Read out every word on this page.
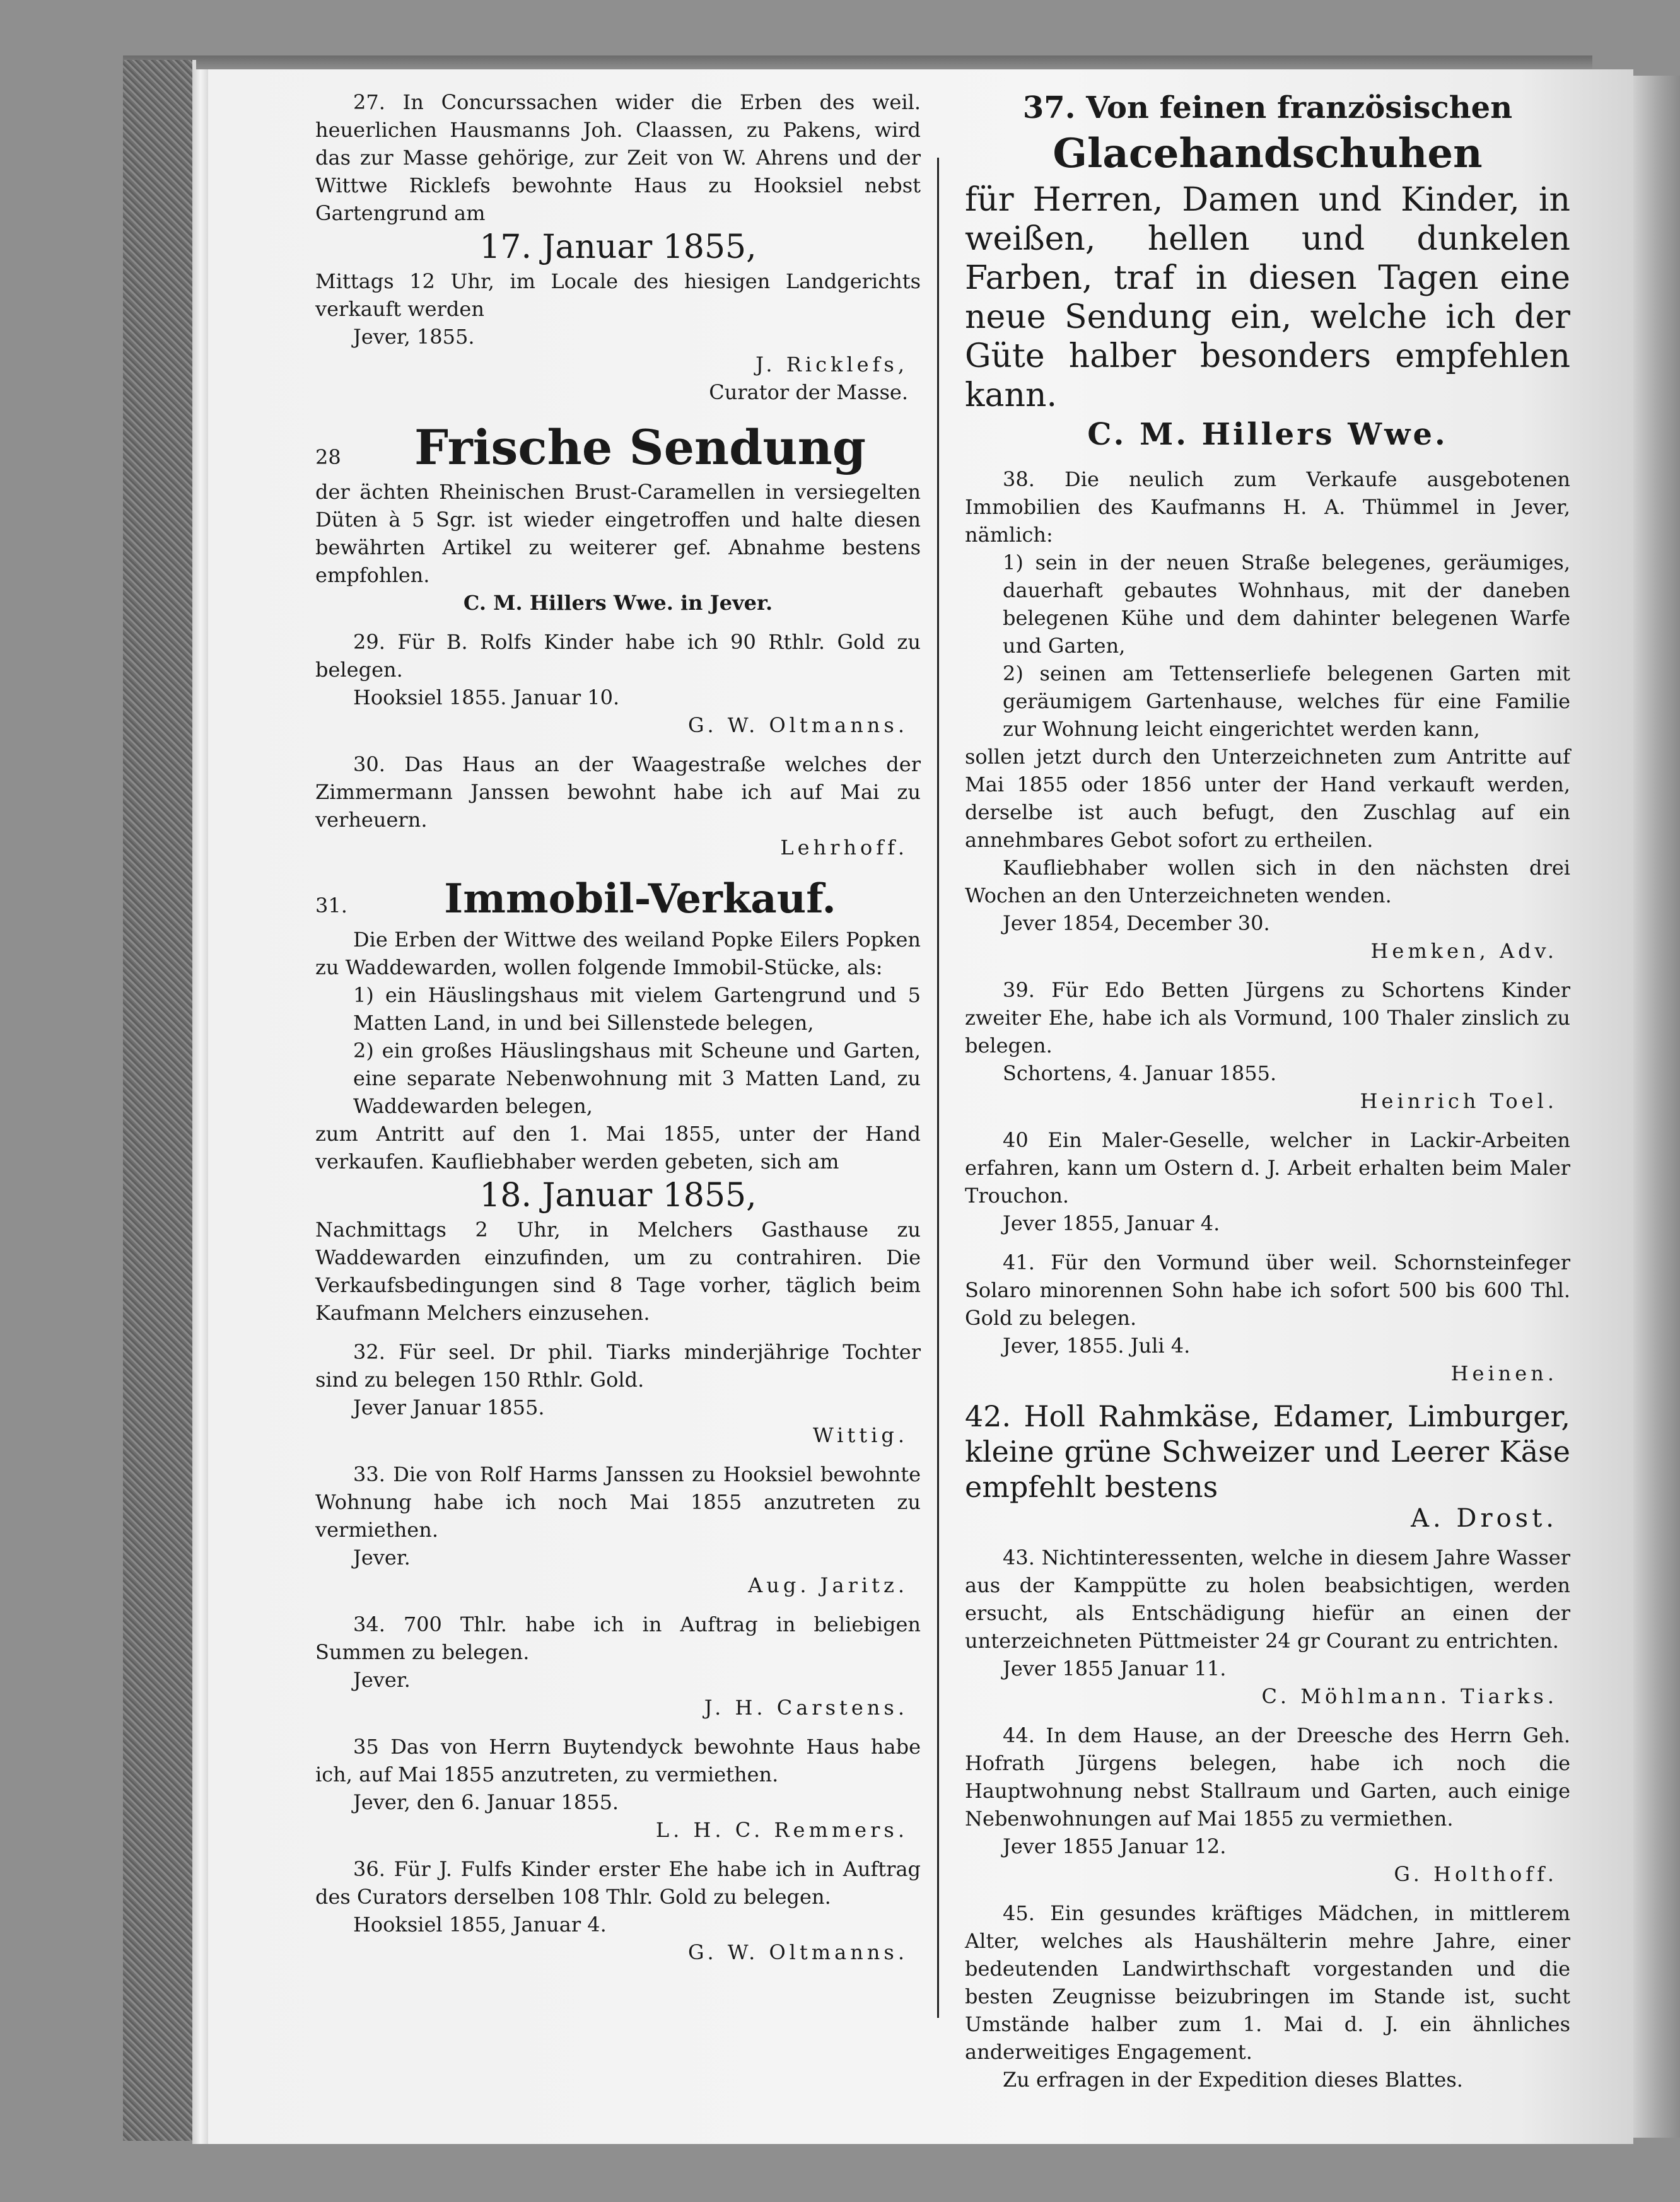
27. In Concurssachen wider die Erben des weil. heuerlichen Hausmanns Joh. Claassen, zu Pakens, wird das zur Masse gehörige, zur Zeit von W. Ahrens und der Wittwe Ricklefs bewohnte Haus zu Hooksiel nebst Gartengrund am

17. Januar 1855,

Mittags 12 Uhr, im Locale des hiesigen Landgerichts verkauft werden

Jever, 1855.

J. Ricklefs,

Curator der Masse.

28	Frische Sendung

der ächten Rheinischen Brust-Caramellen in versiegelten Düten à 5 Sgr. ist wieder eingetroffen und halte diesen bewährten Artikel zu weiterer gef. Abnahme bestens empfohlen.

C. M. Hillers Wwe. in Jever.

29. Für B. Rolfs Kinder habe ich 90 Rthlr. Gold zu belegen.

Hooksiel 1855. Januar 10.

G. W. Oltmanns.

30. Das Haus an der Waagestraße welches der Zimmermann Janssen bewohnt habe ich auf Mai zu verheuern.

Lehrhoff.

31.	Immobil-Verkauf.

Die Erben der Wittwe des weiland Popke Eilers Popken zu Waddewarden, wollen folgende Immobil-Stücke, als:

1) ein Häuslingshaus mit vielem Gartengrund und 5 Matten Land, in und bei Sillenstede belegen,

2) ein großes Häuslingshaus mit Scheune und Garten, eine separate Nebenwohnung mit 3 Matten Land, zu Waddewarden belegen,

zum Antritt auf den 1. Mai 1855, unter der Hand verkaufen. Kaufliebhaber werden gebeten, sich am

18. Januar 1855,

Nachmittags 2 Uhr, in Melchers Gasthause zu Waddewarden einzufinden, um zu contrahiren. Die Verkaufsbedingungen sind 8 Tage vorher, täglich beim Kaufmann Melchers einzusehen.

32. Für seel. Dr phil. Tiarks minderjährige Tochter sind zu belegen 150 Rthlr. Gold.

Jever Januar 1855.

Wittig.

33. Die von Rolf Harms Janssen zu Hooksiel bewohnte Wohnung habe ich noch Mai 1855 anzutreten zu vermiethen.

Jever.

Aug. Jaritz.

34. 700 Thlr. habe ich in Auftrag in beliebigen Summen zu belegen.

Jever.

J. H. Carstens.

35 Das von Herrn Buytendyck bewohnte Haus habe ich, auf Mai 1855 anzutreten, zu vermiethen.

Jever, den 6. Januar 1855.

L. H. C. Remmers.

36. Für J. Fulfs Kinder erster Ehe habe ich in Auftrag des Curators derselben 108 Thlr. Gold zu belegen.

Hooksiel 1855, Januar 4.

G. W. Oltmanns.

37. Von feinen französischen

Glacehandschuhen

für Herren, Damen und Kinder, in weißen, hellen und dunkelen Farben, traf in diesen Tagen eine neue Sendung ein, welche ich der Güte halber besonders empfehlen kann.

C. M. Hillers Wwe.

38. Die neulich zum Verkaufe ausgebotenen Immobilien des Kaufmanns H. A. Thümmel in Jever, nämlich:

1) sein in der neuen Straße belegenes, geräumiges, dauerhaft gebautes Wohnhaus, mit der daneben belegenen Kühe und dem dahinter belegenen Warfe und Garten,

2) seinen am Tettenserliefe belegenen Garten mit geräumigem Gartenhause, welches für eine Familie zur Wohnung leicht eingerichtet werden kann,

sollen jetzt durch den Unterzeichneten zum Antritte auf Mai 1855 oder 1856 unter der Hand verkauft werden, derselbe ist auch befugt, den Zuschlag auf ein annehmbares Gebot sofort zu ertheilen.

Kaufliebhaber wollen sich in den nächsten drei Wochen an den Unterzeichneten wenden.

Jever 1854, December 30.

Hemken, Adv.

39. Für Edo Betten Jürgens zu Schortens Kinder zweiter Ehe, habe ich als Vormund, 100 Thaler zinslich zu belegen.

Schortens, 4. Januar 1855.

Heinrich Toel.

40 Ein Maler-Geselle, welcher in Lackir-Arbeiten erfahren, kann um Ostern d. J. Arbeit erhalten beim Maler Trouchon.

Jever 1855, Januar 4.

41. Für den Vormund über weil. Schornsteinfeger Solaro minorennen Sohn habe ich sofort 500 bis 600 Thl. Gold zu belegen.

Jever, 1855. Juli 4.

Heinen.

42. Holl Rahmkäse, Edamer, Limburger, kleine grüne Schweizer und Leerer Käse empfehlt bestens

A. Drost.

43. Nichtinteressenten, welche in diesem Jahre Wasser aus der Kamppütte zu holen beabsichtigen, werden ersucht, als Entschädigung hiefür an einen der unterzeichneten Püttmeister 24 gr Courant zu entrichten.

Jever 1855 Januar 11.

C. Möhlmann. Tiarks.

44. In dem Hause, an der Dreesche des Herrn Geh. Hofrath Jürgens belegen, habe ich noch die Hauptwohnung nebst Stallraum und Garten, auch einige Nebenwohnungen auf Mai 1855 zu vermiethen.

Jever 1855 Januar 12.

G. Holthoff.

45. Ein gesundes kräftiges Mädchen, in mittlerem Alter, welches als Haushälterin mehre Jahre, einer bedeutenden Landwirthschaft vorgestanden und die besten Zeugnisse beizubringen im Stande ist, sucht Umstände halber zum 1. Mai d. J. ein ähnliches anderweitiges Engagement.

Zu erfragen in der Expedition dieses Blattes.
